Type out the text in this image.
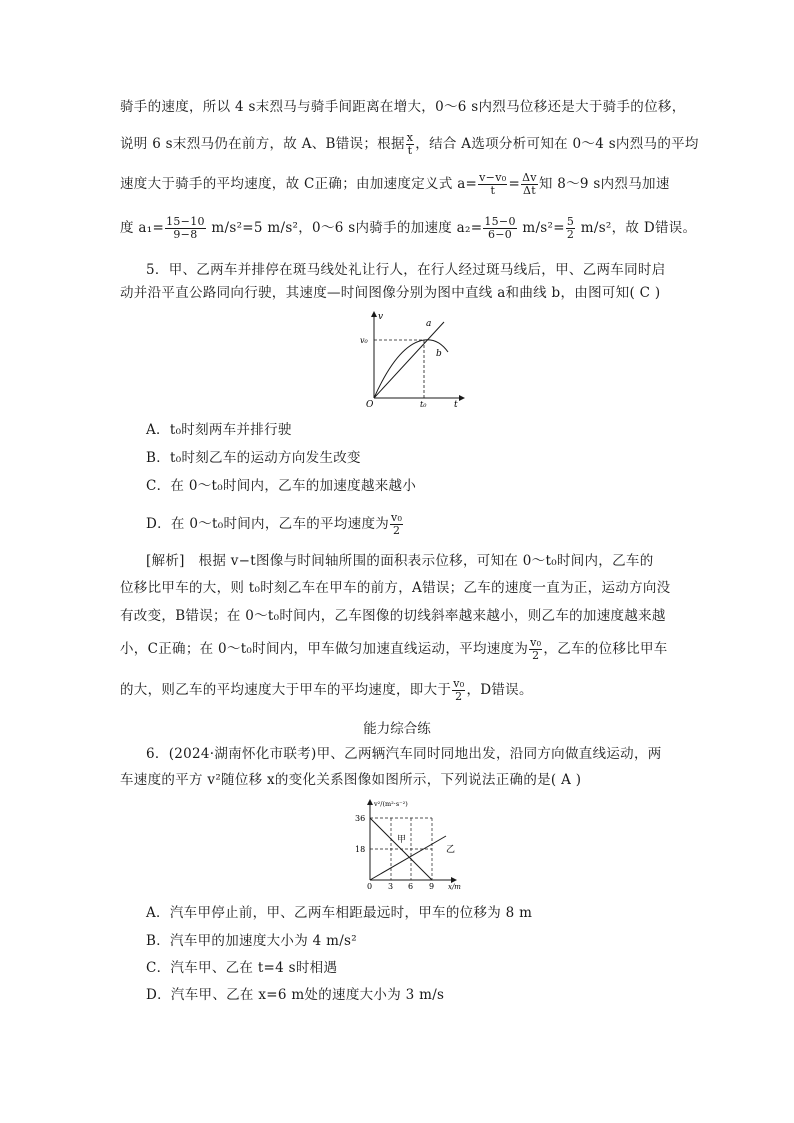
骑手的速度，所以 4 s末烈马与骑手间距离在增大，0～6 s内烈马位移还是大于骑手的位移，
说明 6 s末烈马仍在前方，故 A、B错误；根据 $\frac{x}{t}$ ，结合 A选项分析可知在 0～4 s内烈马的平均
速度大于骑手的平均速度，故 C正确；由加速度定义式 $a= \frac{\text{v−v₀}}{t} = \frac{\Delta v}{\Delta t}$ 知 8～9 s内烈马加速
度 $a_1= \frac{15-10}{9-8} m/s^2=5$ m/s²，0～6 s内骑手的加速度 $a_2= \frac{15-0}{6-0} m/s^2= \frac{5}{2} m/s^2$，故 D错误。
5．甲、乙两车并排停在斑马线处礼让行人，在行人经过斑马线后，甲、乙两车同时启
动并沿平直公路同向行驶，其速度—时间图像分别为图中直线 a和曲线 b，由图可知( C )
v
v₀
t
t₀
O
a
b
A．t₀时刻两车并排行驶
B．t₀时刻乙车的运动方向发生改变
C．在 0～t₀时间内，乙车的加速度越来越小
D．在 0～t₀时间内，乙车的平均速度为 $\frac{\text{v₀}}{2}$
[解析]　根据 v−t图像与时间轴所围的面积表示位移，可知在 0～t₀时间内，乙车的
位移比甲车的大，则 t₀时刻乙车在甲车的前方，A错误；乙车的速度一直为正，运动方向没
有改变，B错误；在 0～t₀时间内，乙车图像的切线斜率越来越小，则乙车的加速度越来越
小，C正确；在 0～t₀时间内，甲车做匀加速直线运动，平均速度为 $\frac{\text{v₀}}{2}$ ，乙车的位移比甲车
的大，则乙车的平均速度大于甲车的平均速度，即大于 $\frac{\text{v₀}}{2}$ ，D错误。
能力综合练
6．(2024·湖南怀化市联考)甲、乙两辆汽车同时同地出发，沿同方向做直线运动，两
车速度的平方 v²随位移 x的变化关系图像如图所示，下列说法正确的是( A )
v²/(m²·s⁻²)
36
18
0 3 6 9 x/m
甲
乙
A．汽车甲停止前，甲、乙两车相距最远时，甲车的位移为 8 m
B．汽车甲的加速度大小为 4 m/s²
C．汽车甲、乙在 t=4 s时相遇
D．汽车甲、乙在 x=6 m处的速度大小为 3 m/s
